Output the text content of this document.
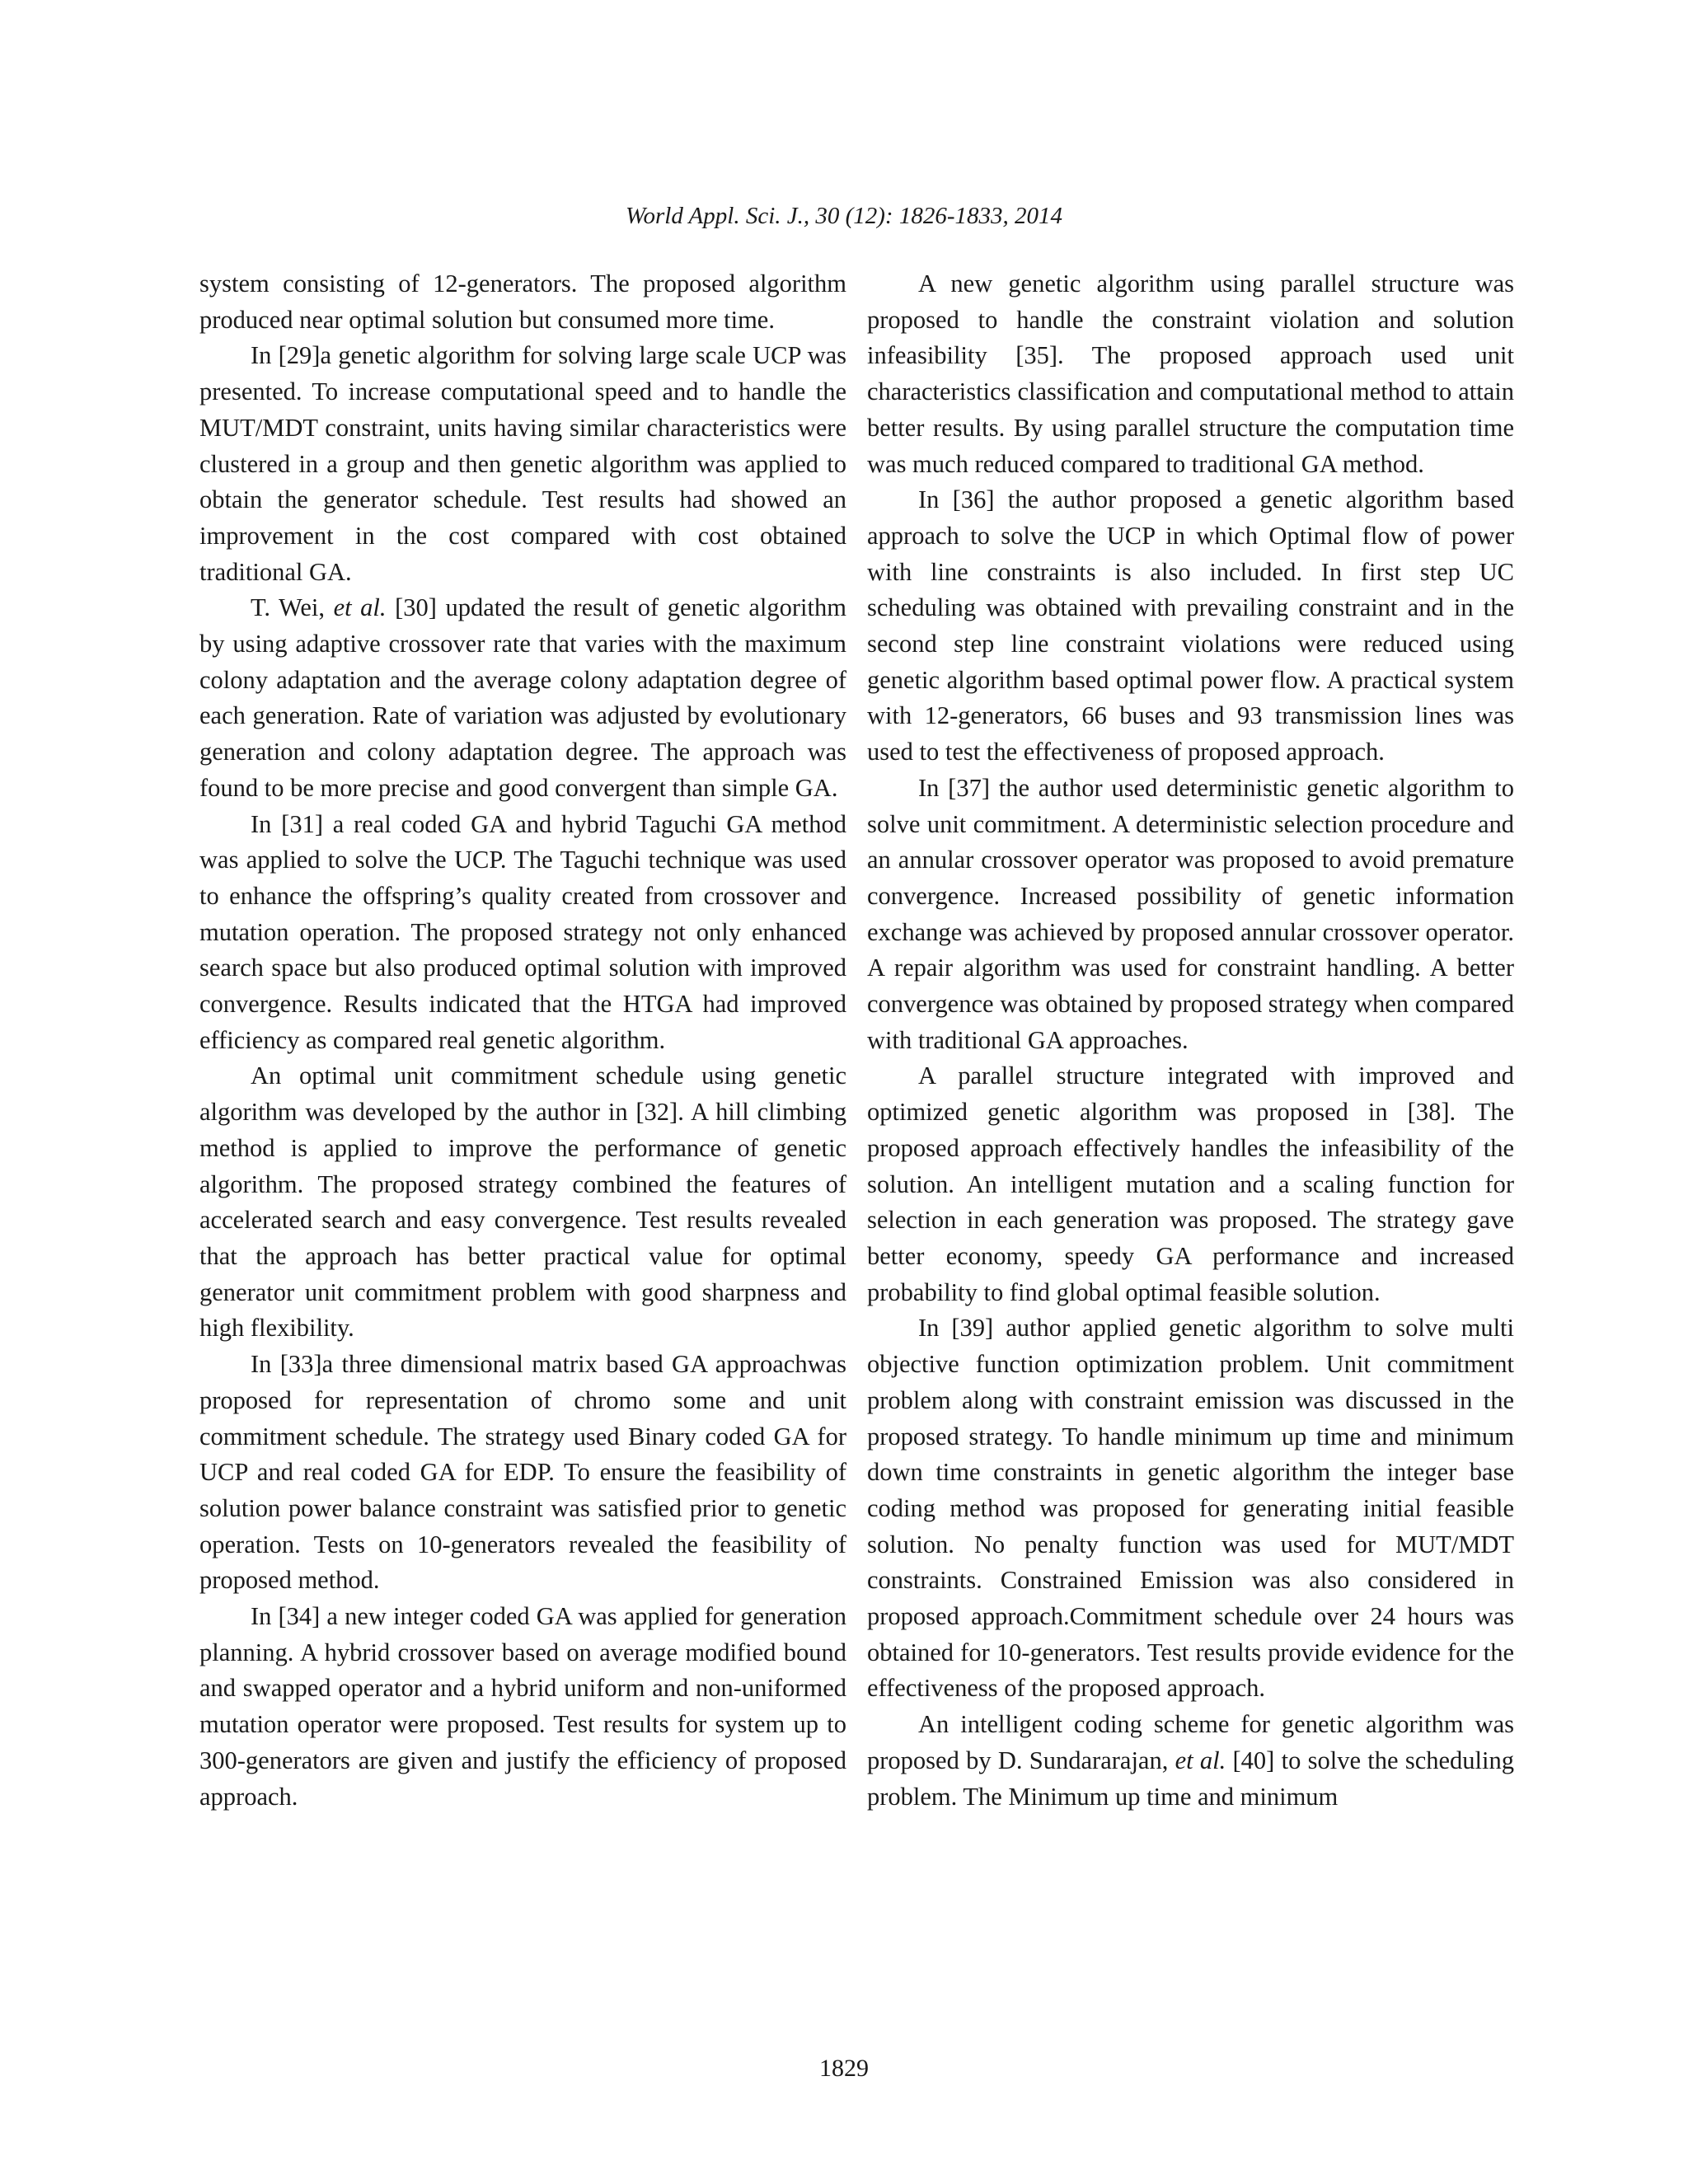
World Appl. Sci. J., 30 (12): 1826-1833, 2014

system consisting of 12-generators. The proposed algorithm produced near optimal solution but consumed more time.

In [29]a genetic algorithm for solving large scale UCP was presented. To increase computational speed and to handle the MUT/MDT constraint, units having similar characteristics were clustered in a group and then genetic algorithm was applied to obtain the generator schedule. Test results had showed an improvement in the cost compared with cost obtained traditional GA.

T. Wei, et al. [30] updated the result of genetic algorithm by using adaptive crossover rate that varies with the maximum colony adaptation and the average colony adaptation degree of each generation. Rate of variation was adjusted by evolutionary generation and colony adaptation degree. The approach was found to be more precise and good convergent than simple GA.

In [31] a real coded GA and hybrid Taguchi GA method was applied to solve the UCP. The Taguchi technique was used to enhance the offspring’s quality created from crossover and mutation operation. The proposed strategy not only enhanced search space but also produced optimal solution with improved convergence. Results indicated that the HTGA had improved efficiency as compared real genetic algorithm.

An optimal unit commitment schedule using genetic algorithm was developed by the author in [32]. A hill climbing method is applied to improve the performance of genetic algorithm. The proposed strategy combined the features of accelerated search and easy convergence. Test results revealed that the approach has better practical value for optimal generator unit commitment problem with good sharpness and high flexibility.

In [33]a three dimensional matrix based GA approachwas proposed for representation of chromo some and unit commitment schedule. The strategy used Binary coded GA for UCP and real coded GA for EDP. To ensure the feasibility of solution power balance constraint was satisfied prior to genetic operation. Tests on 10-generators revealed the feasibility of proposed method.

In [34] a new integer coded GA was applied for generation planning. A hybrid crossover based on average modified bound and swapped operator and a hybrid uniform and non-uniformed mutation operator were proposed. Test results for system up to 300-generators are given and justify the efficiency of proposed approach.

A new genetic algorithm using parallel structure was proposed to handle the constraint violation and solution infeasibility [35]. The proposed approach used unit characteristics classification and computational method to attain better results. By using parallel structure the computation time was much reduced compared to traditional GA method.

In [36] the author proposed a genetic algorithm based approach to solve the UCP in which Optimal flow of power with line constraints is also included. In first step UC scheduling was obtained with prevailing constraint and in the second step line constraint violations were reduced using genetic algorithm based optimal power flow. A practical system with 12-generators, 66 buses and 93 transmission lines was used to test the effectiveness of proposed approach.

In [37] the author used deterministic genetic algorithm to solve unit commitment. A deterministic selection procedure and an annular crossover operator was proposed to avoid premature convergence. Increased possibility of genetic information exchange was achieved by proposed annular crossover operator. A repair algorithm was used for constraint handling. A better convergence was obtained by proposed strategy when compared with traditional GA approaches.

A parallel structure integrated with improved and optimized genetic algorithm was proposed in [38]. The proposed approach effectively handles the infeasibility of the solution. An intelligent mutation and a scaling function for selection in each generation was proposed. The strategy gave better economy, speedy GA performance and increased probability to find global optimal feasible solution.

In [39] author applied genetic algorithm to solve multi objective function optimization problem. Unit commitment problem along with constraint emission was discussed in the proposed strategy. To handle minimum up time and minimum down time constraints in genetic algorithm the integer base coding method was proposed for generating initial feasible solution. No penalty function was used for MUT/MDT constraints. Constrained Emission was also considered in proposed approach.Commitment schedule over 24 hours was obtained for 10-generators. Test results provide evidence for the effectiveness of the proposed approach.

An intelligent coding scheme for genetic algorithm was proposed by D. Sundararajan, et al. [40] to solve the scheduling problem. The Minimum up time and minimum

1829
